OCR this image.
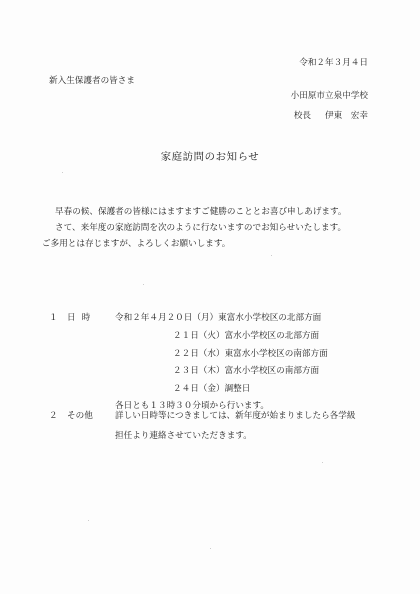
令和２年３月４日
新入生保護者の皆さま
小田原市立泉中学校
校長 伊東　宏幸
家庭訪問のお知らせ
早春の候、保護者の皆様にはますますご健勝のこととお喜び申しあげます。
さて、来年度の家庭訪問を次のように行ないますのでお知らせいたします。
ご多用とは存じますが、よろしくお願いします。
１ 日時 令和２年４月２０日（月）東富水小学校区の北部方面
２１日（火）富水小学校区の北部方面
２２日（水）東富水小学校区の南部方面
２３日（木）富水小学校区の南部方面
２４日（金）調整日
２ その他	詳しい日時等につきましては、新年度が始まりましたら各学級
担任より連絡させていただきます。
各日とも１３時３０分頃から行います。
